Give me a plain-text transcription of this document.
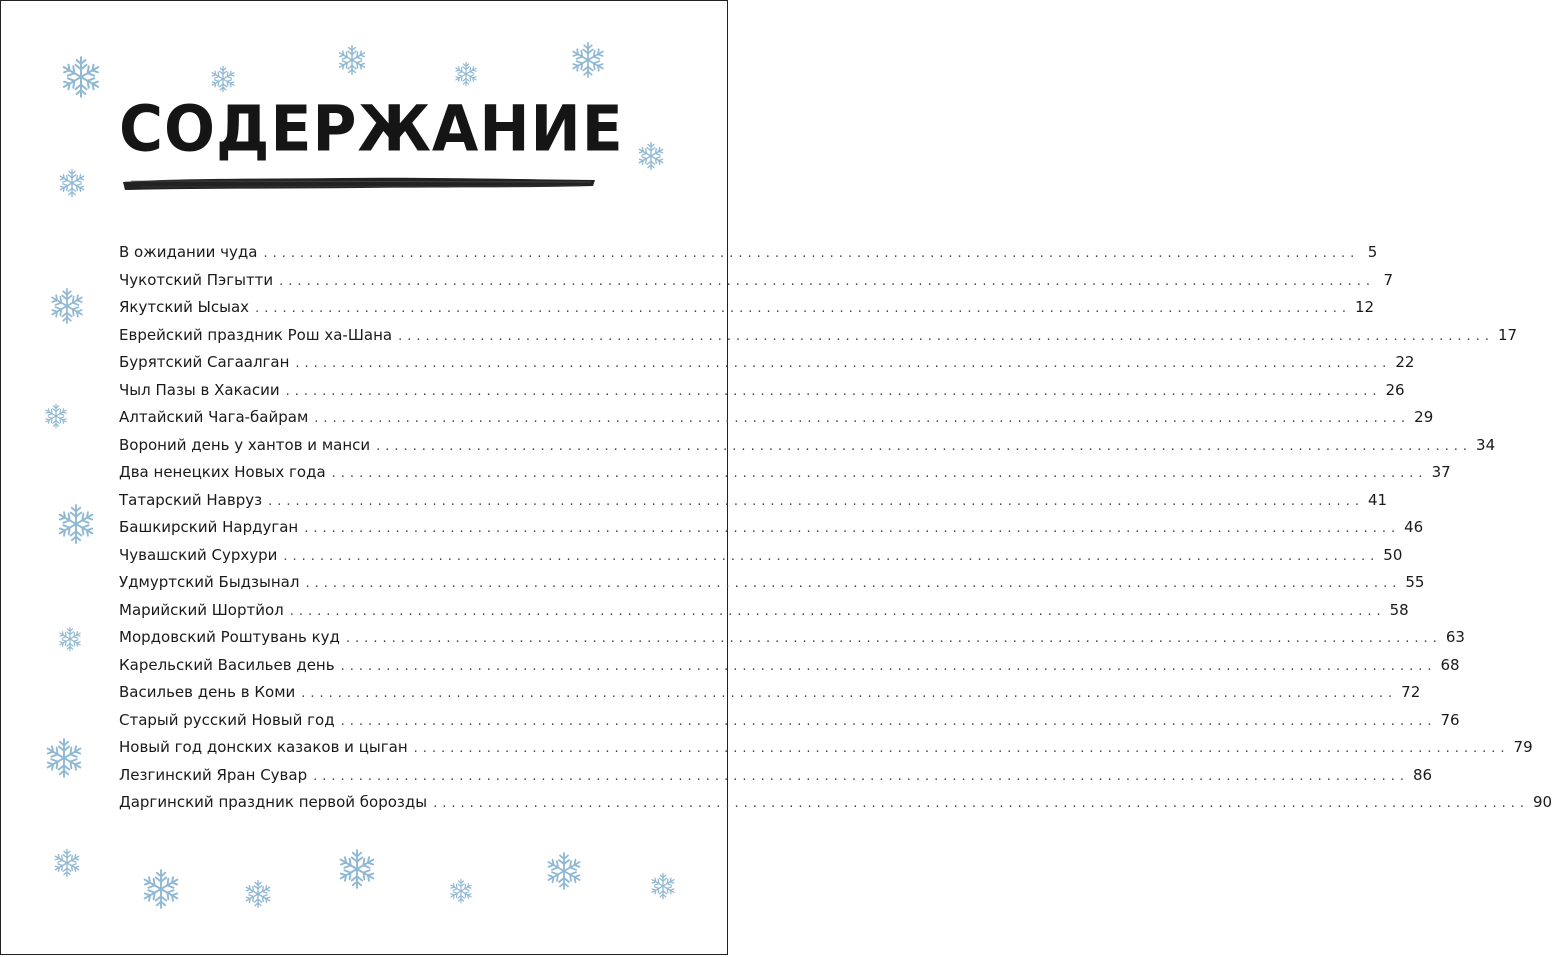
СОДЕРЖАНИЕ
В ожидании чуда ........................................................................................................................ 5
Чукотский Пэгытти ........................................................................................................................ 7
Якутский Ысыах ........................................................................................................................ 12
Еврейский праздник Рош ха-Шана ........................................................................................................................ 17
Бурятский Сагаалган ........................................................................................................................ 22
Чыл Пазы в Хакасии ........................................................................................................................ 26
Алтайский Чага-байрам ........................................................................................................................ 29
Вороний день у хантов и манси ........................................................................................................................ 34
Два ненецких Новых года ........................................................................................................................ 37
Татарский Навруз ........................................................................................................................ 41
Башкирский Нардуган ........................................................................................................................ 46
Чувашский Сурхури ........................................................................................................................ 50
Удмуртский Быдзынал ........................................................................................................................ 55
Марийский Шортйол ........................................................................................................................ 58
Мордовский Роштувань куд ........................................................................................................................ 63
Карельский Васильев день ........................................................................................................................ 68
Васильев день в Коми ........................................................................................................................ 72
Старый русский Новый год ........................................................................................................................ 76
Новый год донских казаков и цыган ........................................................................................................................ 79
Лезгинский Яран Сувар ........................................................................................................................ 86
Даргинский праздник первой борозды ........................................................................................................................ 90
